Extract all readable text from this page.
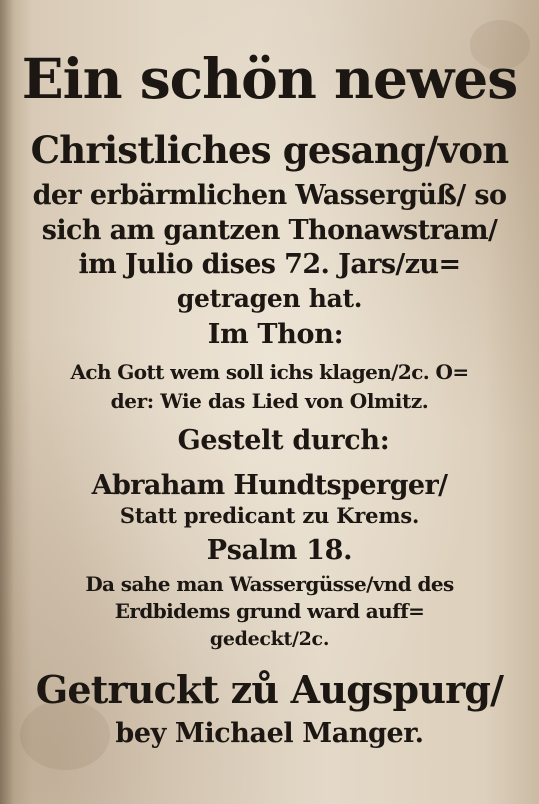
Ein schön newes
Christliches gesang/von
der erbärmlichen Wassergüß/ so
sich am gantzen Thonawstram/
im Julio dises 72. Jars/zu=
getragen hat.
Im Thon:
Ach Gott wem soll ichs klagen/2c. O=
der: Wie das Lied von Olmitz.
Gestelt durch:
Abraham Hundtsperger/
Statt predicant zu Krems.
Psalm 18.
Da sahe man Wassergüsse/vnd des
Erdbidems grund ward auff=
gedeckt/2c.
Getruckt zů Augspurg/
bey Michael Manger.
